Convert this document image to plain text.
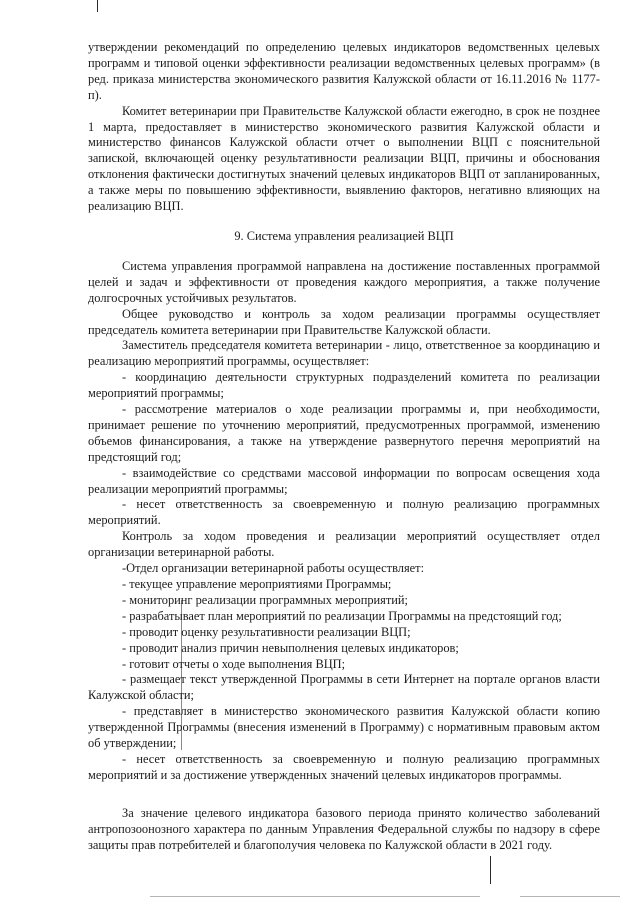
утверждении рекомендаций по определению целевых индикаторов ведомственных целевых программ и типовой оценки эффективности реализации ведомственных целевых программ» (в ред. приказа министерства экономического развития Калужской области от 16.11.2016 № 1177-п).

Комитет ветеринарии при Правительстве Калужской области ежегодно, в срок не позднее 1 марта, предоставляет в министерство экономического развития Калужской области и министерство финансов Калужской области отчет о выполнении ВЦП с пояснительной запиской, включающей оценку результативности реализации ВЦП, причины и обоснования отклонения фактически достигнутых значений целевых индикаторов ВЦП от запланированных, а также меры по повышению эффективности, выявлению факторов, негативно влияющих на реализацию ВЦП.

9. Система управления реализацией ВЦП

Система управления программой направлена на достижение поставленных программой целей и задач и эффективности от проведения каждого мероприятия, а также получение долгосрочных устойчивых результатов.

Общее руководство и контроль за ходом реализации программы осуществляет председатель комитета ветеринарии при Правительстве Калужской области.

Заместитель председателя комитета ветеринарии - лицо, ответственное за координацию и реализацию мероприятий программы, осуществляет:

- координацию деятельности структурных подразделений комитета по реализации мероприятий программы;

- рассмотрение материалов о ходе реализации программы и, при необходимости, принимает решение по уточнению мероприятий, предусмотренных программой, изменению объемов финансирования, а также на утверждение развернутого перечня мероприятий на предстоящий год;

- взаимодействие со средствами массовой информации по вопросам освещения хода реализации мероприятий программы;

- несет ответственность за своевременную и полную реализацию программных мероприятий.

Контроль за ходом проведения и реализации мероприятий осуществляет отдел организации ветеринарной работы.

-Отдел организации ветеринарной работы осуществляет:

- текущее управление мероприятиями Программы;

- мониторинг реализации программных мероприятий;

- разрабатывает план мероприятий по реализации Программы на предстоящий год;

- проводит оценку результативности реализации ВЦП;

- проводит анализ причин невыполнения целевых индикаторов;

- готовит отчеты о ходе выполнения ВЦП;

- размещает текст утвержденной Программы в сети Интернет на портале органов власти Калужской области;

- представляет в министерство экономического развития Калужской области копию утвержденной Программы (внесения изменений в Программу) с нормативным правовым актом об утверждении;

- несет ответственность за своевременную и полную реализацию программных мероприятий и за достижение утвержденных значений целевых индикаторов программы.

За значение целевого индикатора базового периода принято количество заболеваний антропозоонозного характера по данным Управления Федеральной службы по надзору в сфере защиты прав потребителей и благополучия человека по Калужской области в 2021 году.
